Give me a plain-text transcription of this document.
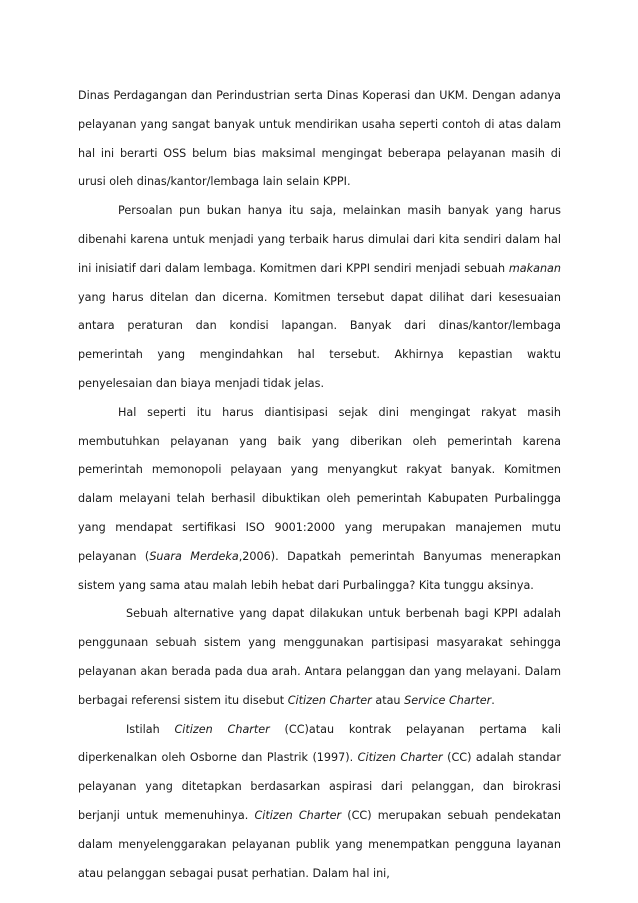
Dinas Perdagangan dan Perindustrian serta Dinas Koperasi dan UKM. Dengan adanya pelayanan yang sangat banyak untuk mendirikan usaha seperti contoh di atas dalam hal ini berarti OSS belum bias maksimal mengingat beberapa pelayanan masih di urusi oleh dinas/kantor/lembaga lain selain KPPI.

Persoalan pun bukan hanya itu saja, melainkan masih banyak yang harus dibenahi karena untuk menjadi yang terbaik harus dimulai dari kita sendiri dalam hal ini inisiatif dari dalam lembaga. Komitmen dari KPPI sendiri menjadi sebuah makanan yang harus ditelan dan dicerna. Komitmen tersebut dapat dilihat dari kesesuaian antara peraturan dan kondisi lapangan. Banyak dari dinas/kantor/lembaga pemerintah yang mengindahkan hal tersebut. Akhirnya kepastian waktu penyelesaian dan biaya menjadi tidak jelas.

Hal seperti itu harus diantisipasi sejak dini mengingat rakyat masih membutuhkan pelayanan yang baik yang diberikan oleh pemerintah karena pemerintah memonopoli pelayaan yang menyangkut rakyat banyak. Komitmen dalam melayani telah berhasil dibuktikan oleh pemerintah Kabupaten Purbalingga yang mendapat sertifikasi ISO 9001:2000 yang merupakan manajemen mutu pelayanan (Suara Merdeka,2006). Dapatkah pemerintah Banyumas menerapkan sistem yang sama atau malah lebih hebat dari Purbalingga? Kita tunggu aksinya.

Sebuah alternative yang dapat dilakukan untuk berbenah bagi KPPI adalah penggunaan sebuah sistem yang menggunakan partisipasi masyarakat sehingga pelayanan akan berada pada dua arah. Antara pelanggan dan yang melayani. Dalam berbagai referensi sistem itu disebut Citizen Charter atau Service Charter.

Istilah Citizen Charter (CC)atau kontrak pelayanan pertama kali diperkenalkan oleh Osborne dan Plastrik (1997). Citizen Charter (CC) adalah standar pelayanan yang ditetapkan berdasarkan aspirasi dari pelanggan, dan birokrasi berjanji untuk memenuhinya. Citizen Charter (CC) merupakan sebuah pendekatan dalam menyelenggarakan pelayanan publik yang menempatkan pengguna layanan atau pelanggan sebagai pusat perhatian. Dalam hal ini,
